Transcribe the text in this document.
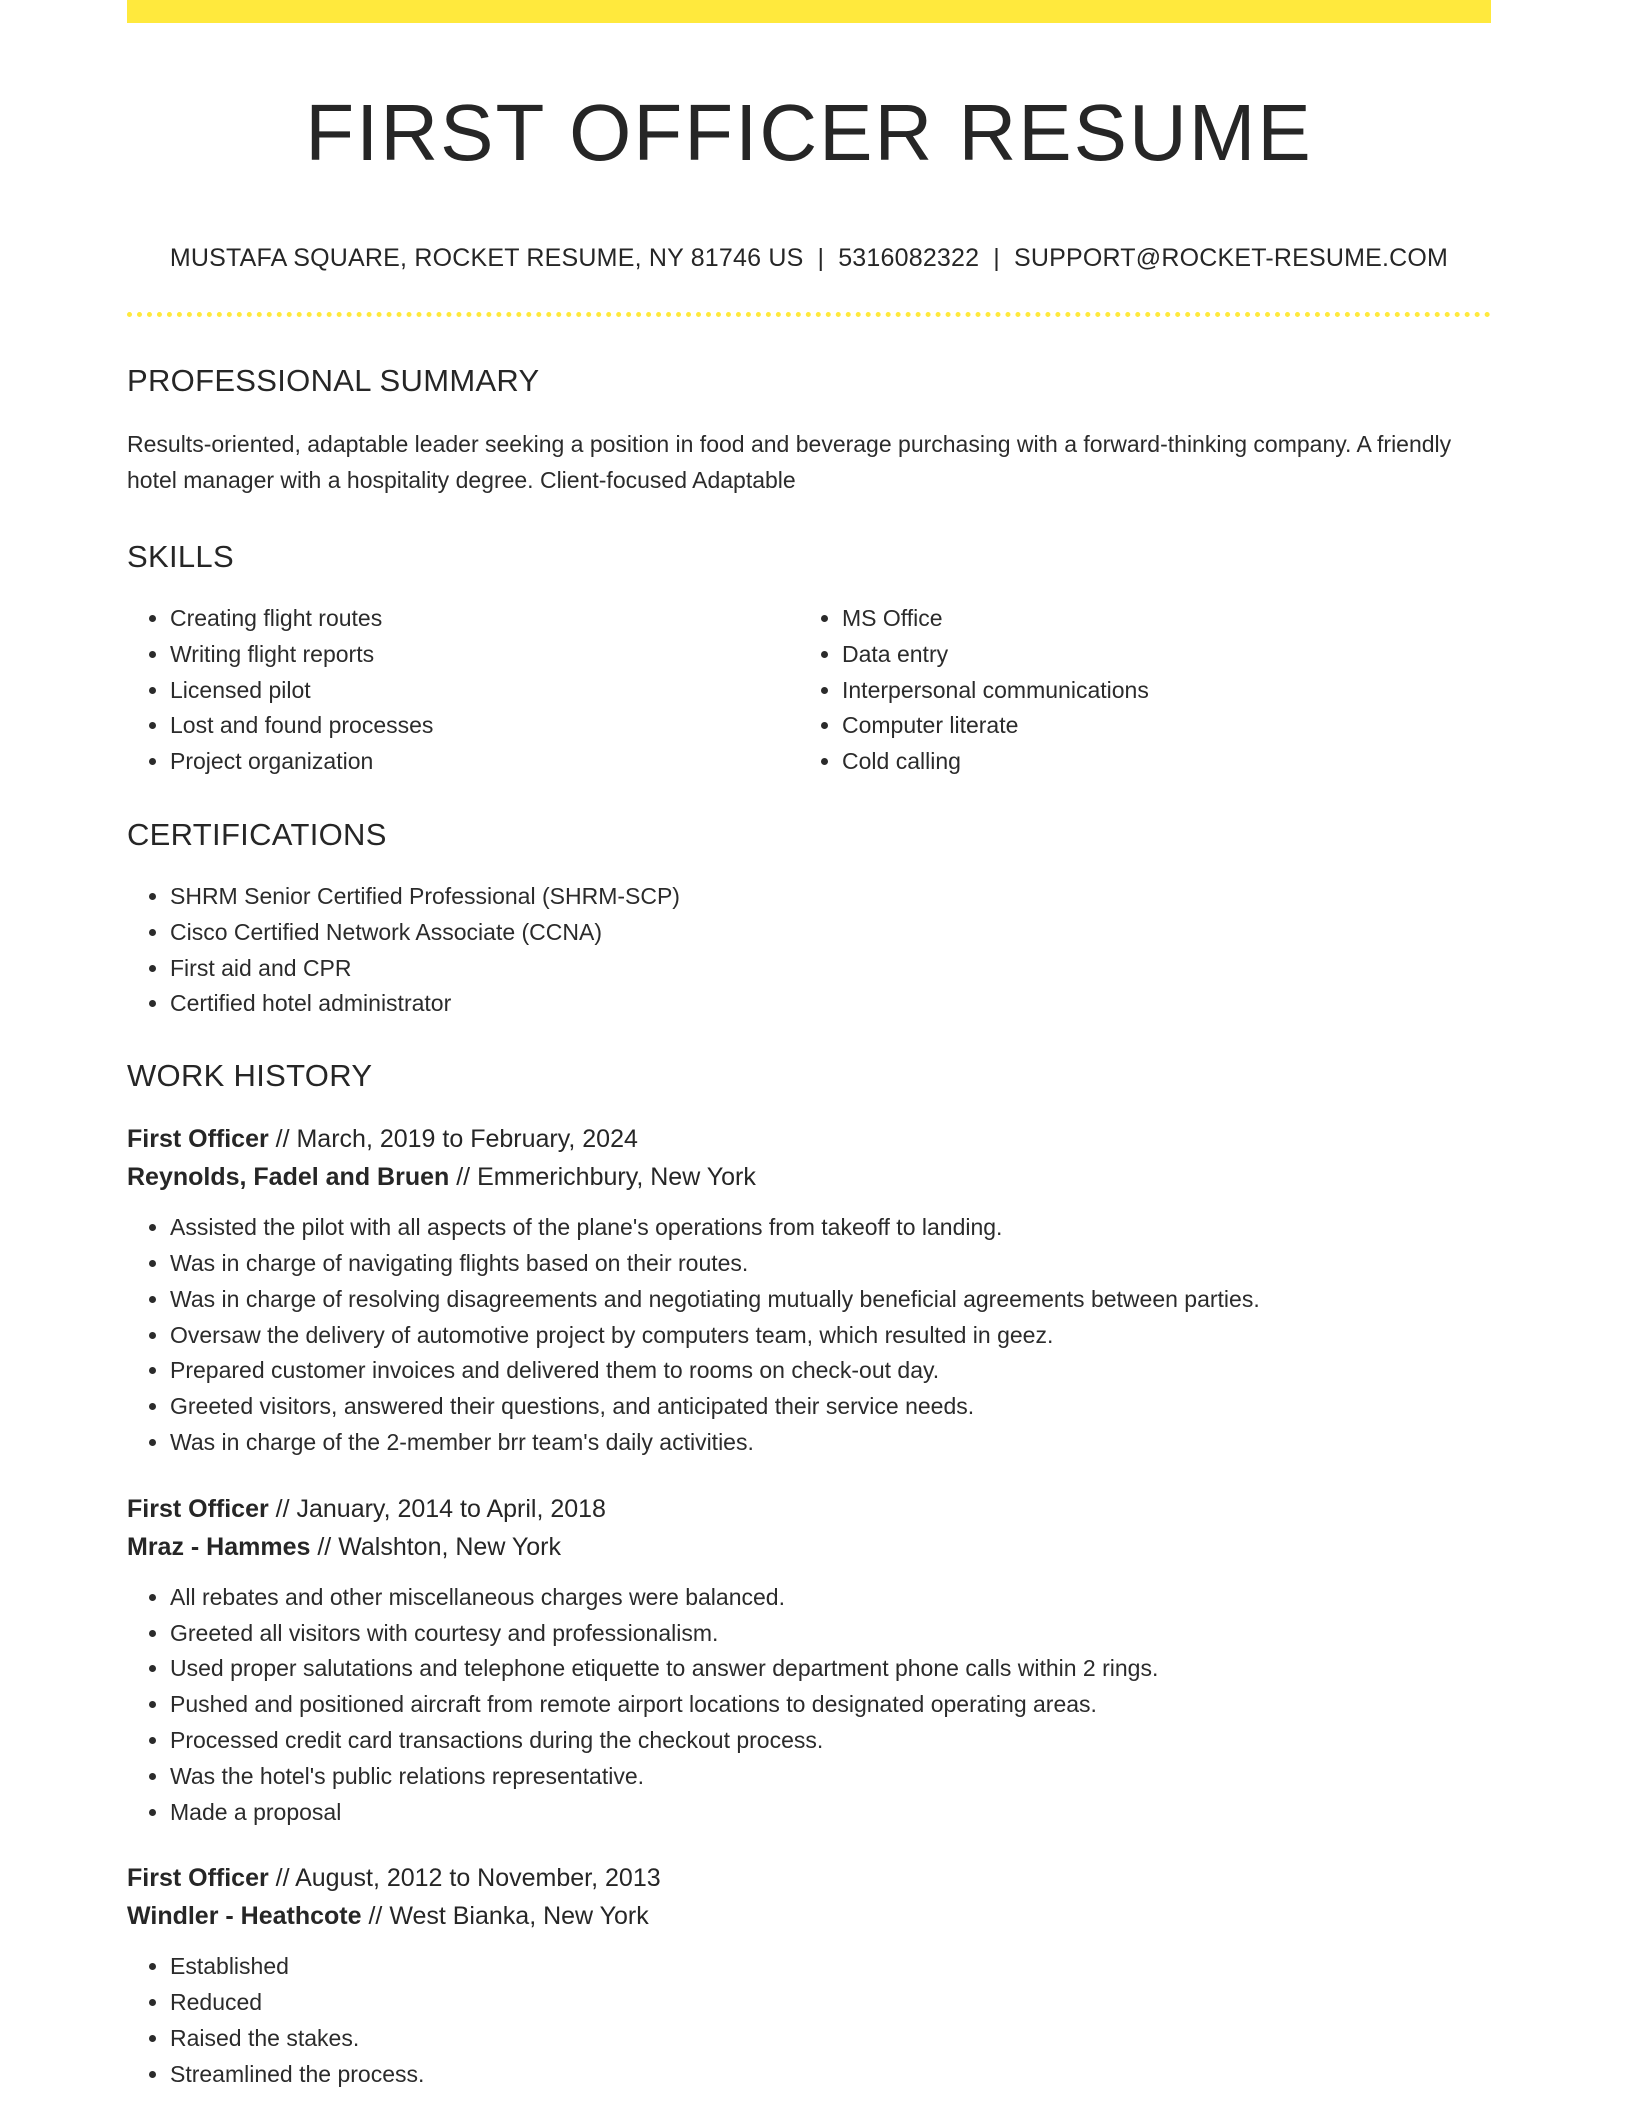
FIRST OFFICER RESUME
MUSTAFA SQUARE, ROCKET RESUME, NY 81746 US | 5316082322 | SUPPORT@ROCKET-RESUME.COM
PROFESSIONAL SUMMARY

Results-oriented, adaptable leader seeking a position in food and beverage purchasing with a forward-thinking company. A friendly hotel manager with a hospitality degree. Client-focused Adaptable

SKILLS
• Creating flight routes
• Writing flight reports
• Licensed pilot
• Lost and found processes
• Project organization
• MS Office
• Data entry
• Interpersonal communications
• Computer literate
• Cold calling
CERTIFICATIONS
• SHRM Senior Certified Professional (SHRM-SCP)
• Cisco Certified Network Associate (CCNA)
• First aid and CPR
• Certified hotel administrator
WORK HISTORY
First Officer // March, 2019 to February, 2024
Reynolds, Fadel and Bruen // Emmerichbury, New York
• Assisted the pilot with all aspects of the plane's operations from takeoff to landing.
• Was in charge of navigating flights based on their routes.
• Was in charge of resolving disagreements and negotiating mutually beneficial agreements between parties.
• Oversaw the delivery of automotive project by computers team, which resulted in geez.
• Prepared customer invoices and delivered them to rooms on check-out day.
• Greeted visitors, answered their questions, and anticipated their service needs.
• Was in charge of the 2-member brr team's daily activities.
First Officer // January, 2014 to April, 2018
Mraz - Hammes // Walshton, New York
• All rebates and other miscellaneous charges were balanced.
• Greeted all visitors with courtesy and professionalism.
• Used proper salutations and telephone etiquette to answer department phone calls within 2 rings.
• Pushed and positioned aircraft from remote airport locations to designated operating areas.
• Processed credit card transactions during the checkout process.
• Was the hotel's public relations representative.
• Made a proposal
First Officer // August, 2012 to November, 2013
Windler - Heathcote // West Bianka, New York
• Established
• Reduced
• Raised the stakes.
• Streamlined the process.
